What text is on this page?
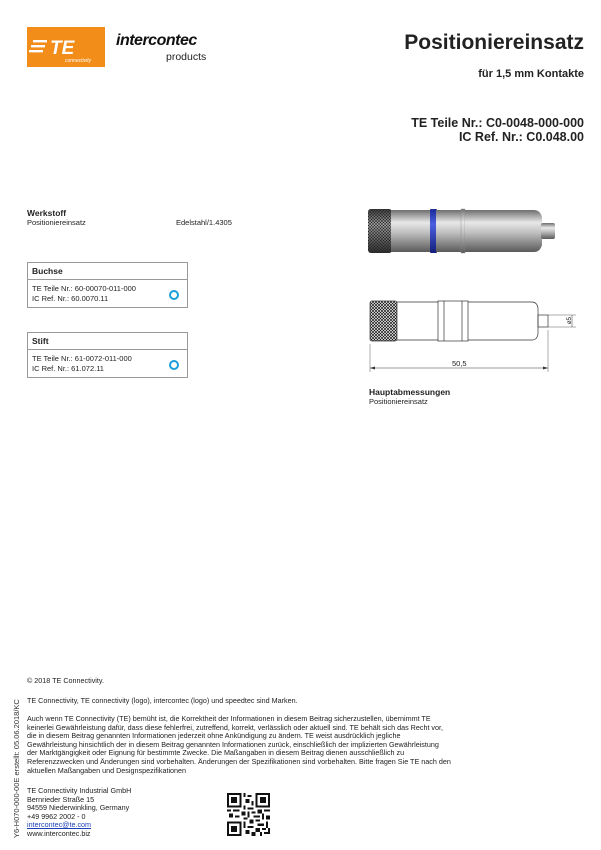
TE
connectivity
intercontec
products
Positioniereinsatz
für 1,5 mm Kontakte
TE Teile Nr.: C0-0048-000-000
IC Ref. Nr.: C0.048.00
Werkstoff
Positioniereinsatz	Edelstahl/1.4305
Buchse
TE Teile Nr.: 60-00070-011-000
IC Ref. Nr.: 60.0070.11
Stift
TE Teile Nr.: 61-0072-011-000
IC Ref. Nr.: 61.072.11
ø5
50,5
Hauptabmessungen
Positioniereinsatz
Y6-H070-000-00E erstellt: 05.06.2018/KC
© 2018 TE Connectivity.
TE Connectivity, TE connectivity (logo), intercontec (logo) und speedtec sind Marken.
Auch wenn TE Connectivity (TE) bemüht ist, die Korrektheit der Informationen in diesem Beitrag sicherzustellen, übernimmt TE
keinerlei Gewährleistung dafür, dass diese fehlerfrei, zutreffend, korrekt, verlässlich oder aktuell sind. TE behält sich das Recht vor,
die in diesem Beitrag genannten Informationen jederzeit ohne Ankündigung zu ändern. TE weist ausdrücklich jegliche
Gewährleistung hinsichtlich der in diesem Beitrag genannten Informationen zurück, einschließlich der implizierten Gewährleistung
der Marktgängigkeit oder Eignung für bestimmte Zwecke. Die Maßangaben in diesem Beitrag dienen ausschließlich zu
Referenzzwecken und Änderungen sind vorbehalten. Änderungen der Spezifikationen sind vorbehalten. Bitte fragen Sie TE nach den
aktuellen Maßangaben und Designspezifikationen
TE Connectivity Industrial GmbH
Bernrieder Straße 15
94559 Niederwinkling, Germany
+49 9962 2002 - 0
intercontec@te.com
www.intercontec.biz
